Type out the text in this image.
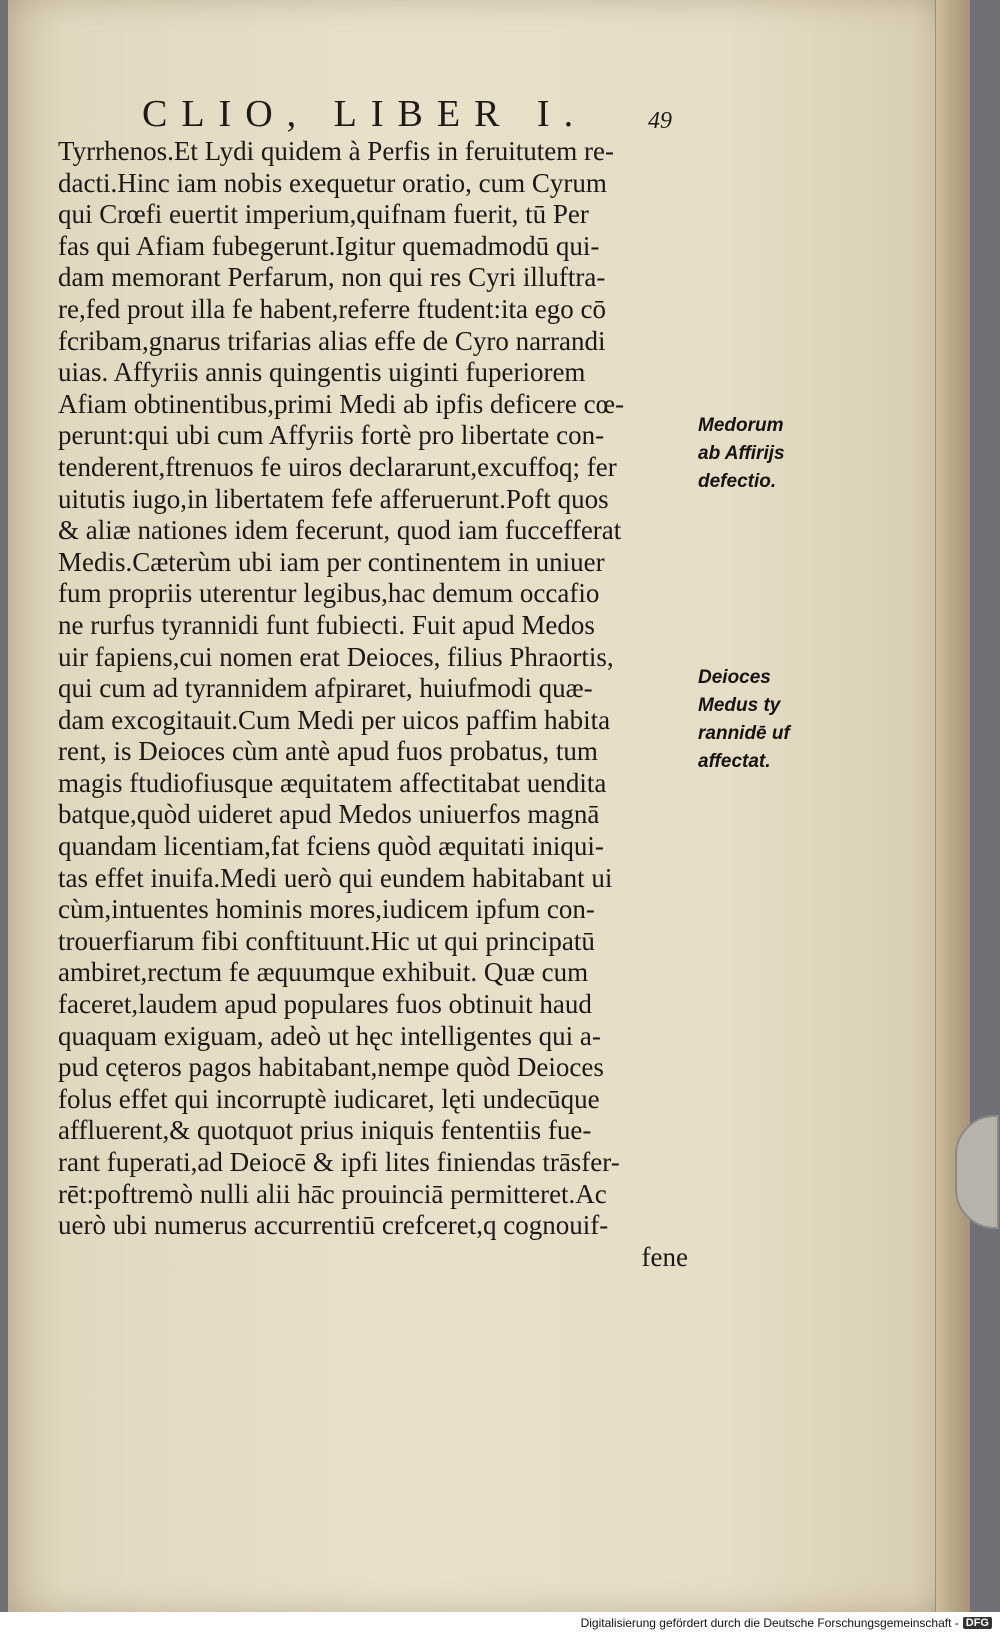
CLIO, LIBER I.	49
Tyrrhenos.Et Lydi quidem à Perfis in feruitutem re-
dacti.Hinc iam nobis exequetur oratio, cum Cyrum
qui Crœfi euertit imperium,quifnam fuerit, tū Per
fas qui Afiam fubegerunt.Igitur quemadmodū qui-
dam memorant Perfarum, non qui res Cyri illuftra-
re,fed prout illa fe habent,referre ftudent:ita ego cō
fcribam,gnarus trifarias alias effe de Cyro narrandi
uias. Affyriis annis quingentis uiginti fuperiorem
Afiam obtinentibus,primi Medi ab ipfis deficere cœ-
perunt:qui ubi cum Affyriis fortè pro libertate con-
tenderent,ftrenuos fe uiros declararunt,excuffoq; fer
uitutis iugo,in libertatem fefe afferuerunt.Poft quos
& aliæ nationes idem fecerunt, quod iam fuccefferat
Medis.Cæterùm ubi iam per continentem in uniuer
fum propriis uterentur legibus,hac demum occafio
ne rurfus tyrannidi funt fubiecti. Fuit apud Medos
uir fapiens,cui nomen erat Deioces, filius Phraortis,
qui cum ad tyrannidem afpiraret, huiufmodi quæ-
dam excogitauit.Cum Medi per uicos paffim habita
rent, is Deioces cùm antè apud fuos probatus, tum
magis ftudiofiusque æquitatem affectitabat uendita
batque,quòd uideret apud Medos uniuerfos magnā
quandam licentiam,fat fciens quòd æquitati iniqui-
tas effet inuifa.Medi uerò qui eundem habitabant ui
cùm,intuentes hominis mores,iudicem ipfum con-
trouerfiarum fibi conftituunt.Hic ut qui principatū
ambiret,rectum fe æquumque exhibuit. Quæ cum
faceret,laudem apud populares fuos obtinuit haud
quaquam exiguam, adeò ut hęc intelligentes qui a-
pud cęteros pagos habitabant,nempe quòd Deioces
folus effet qui incorruptè iudicaret, lęti undecūque
affluerent,& quotquot prius iniquis fententiis fue-
rant fuperati,ad Deiocē & ipfi lites finiendas trāsfer-
rēt:poftremò nulli alii hāc prouinciā permitteret.Ac
uerò ubi numerus accurrentiū crefceret,q cognouif-
fene
Medorum
ab Affirijs
defectio.
Deioces
Medus ty
rannidē uf
affectat.
Digitalisierung gefördert durch die Deutsche Forschungsgemeinschaft - DFG
